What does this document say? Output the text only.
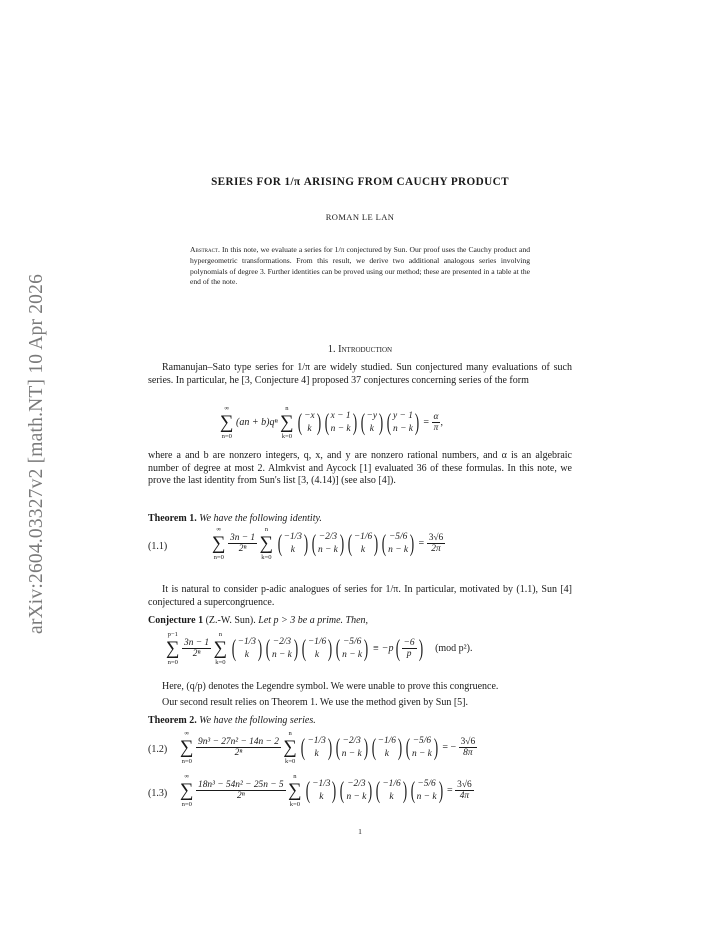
arXiv:2604.03327v2 [math.NT] 10 Apr 2026
SERIES FOR 1/π ARISING FROM CAUCHY PRODUCT
ROMAN LE LAN
Abstract. In this note, we evaluate a series for 1/π conjectured by Sun. Our proof uses the Cauchy product and hypergeometric transformations. From this result, we derive two additional analogous series involving polynomials of degree 3. Further identities can be proved using our method; these are presented in a table at the end of the note.
1. Introduction
Ramanujan–Sato type series for 1/π are widely studied. Sun conjectured many evaluations of such series. In particular, he [3, Conjecture 4] proposed 37 conjectures concerning series of the form
∞
∑
n=0
(an + b)qⁿ
n
∑
k=0
( −x
k ) ( x − 1
n − k) ( −y
k ) ( y − 1
$n - k) = \frac{\alpha}{\pi}$ ,
where a and b are nonzero integers, q, x, and y are nonzero rational numbers, and α is an algebraic number of degree at most 2. Almkvist and Aycock [1] evaluated 36 of these formulas. In this note, we prove the last identity from Sun's list [3, (4.14)] (see also [4]).
Theorem 1. We have the following identity.
(1.1)
∞
∑
n=0

$\frac{3n - 1}{\text{2ⁿ}}$

n
∑
k=0
( −1/3
k ) ( −2/3
n − k) ( −1/6
k ) ( −5/6
$n - k) = \frac{3√6}{2\pi}$
It is natural to consider p-adic analogues of series for 1/π. In particular, motivated by (1.1), Sun [4] conjectured a supercongruence.
Conjecture 1 (Z.-W. Sun). Let p > 3 be a prime. Then,
p−1
∑
n=0

$\frac{3n - 1}{\text{2ⁿ}}$

n
∑
k=0
( −1/3
k ) ( −2/3
n − k) ( −1/6
k ) ( −5/6
$n - k) \equiv -p( \frac{-6}{p}$ ) (mod p²).
Here, (q/p) denotes the Legendre symbol. We were unable to prove this congruence.
Our second result relies on Theorem 1. We use the method given by Sun [5].
Theorem 2. We have the following series.
(1.2)
∞
∑
n=0

$\frac{\text{9n³ − 27n² − 14n − 2}}{\text{2ⁿ}}$

n
∑
k=0
( −1/3
k ) ( −2/3
n − k) ( −1/6
k ) ( −5/6
n − k) = − $\frac{3√6}{8\pi}$
(1.3)
∞
∑
n=0

$\frac{\text{18n³ − 54n² − 25n − 5}}{\text{2ⁿ}}$

n
∑
k=0
( −1/3
k ) ( −2/3
n − k) ( −1/6
k ) ( −5/6
$n - k) = \frac{3√6}{4\pi}$
1
